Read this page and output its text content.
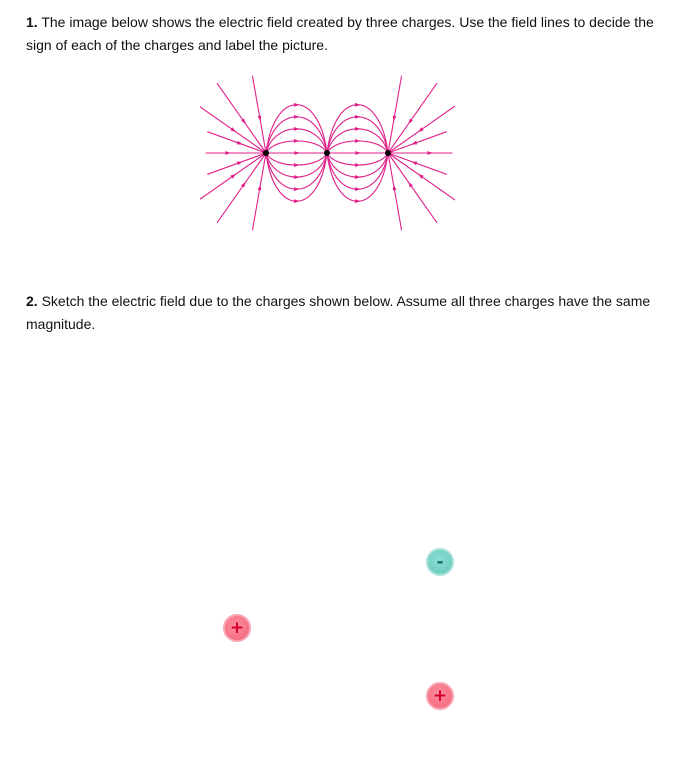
1. The image below shows the electric field created by three charges. Use the field lines to decide the sign of each of the charges and label the picture.

2. Sketch the electric field due to the charges shown below. Assume all three charges have the same magnitude.

-
+
+
